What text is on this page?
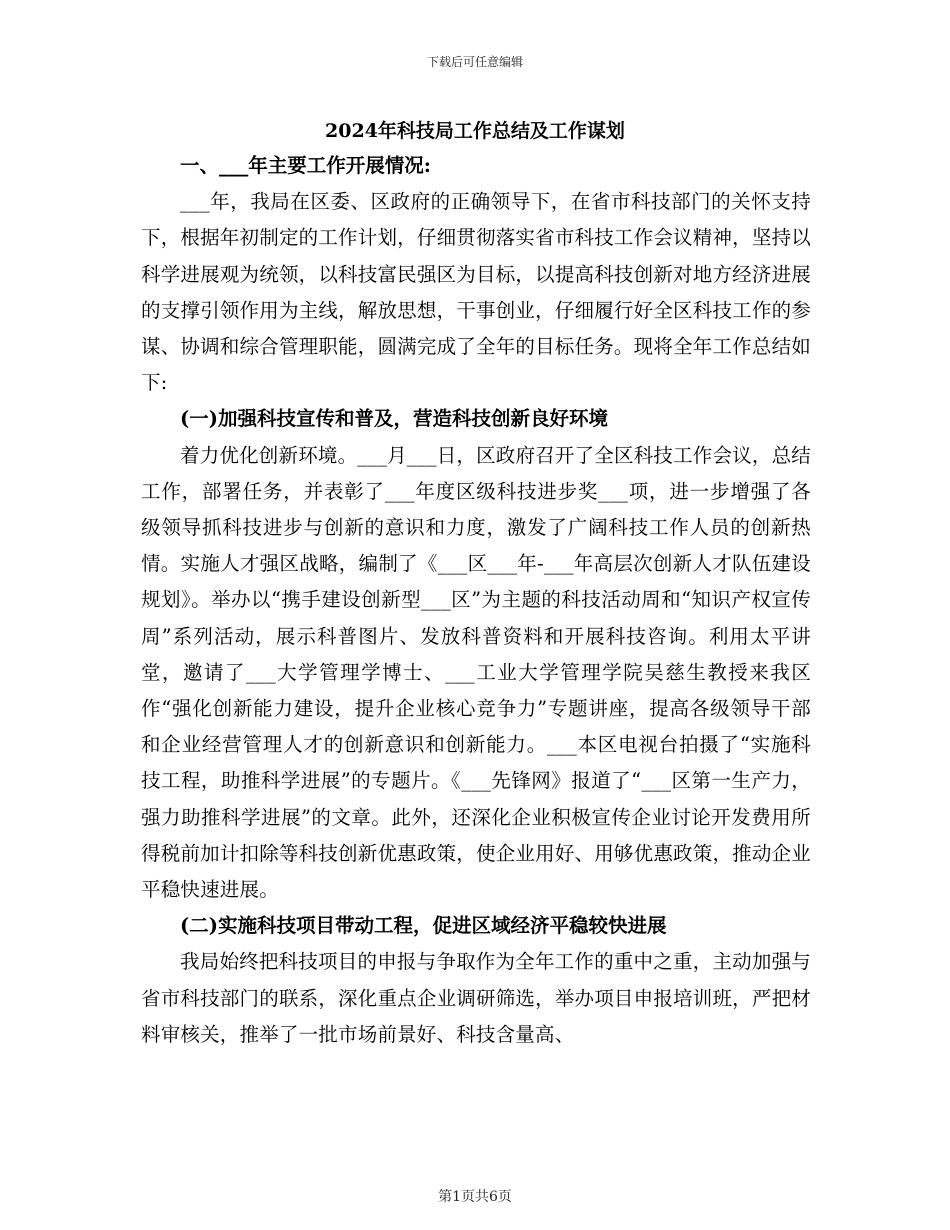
下载后可任意编辑
2024年科技局工作总结及工作谋划

一、___年主要工作开展情况:

___年，我局在区委、区政府的正确领导下，在省市科技部门的关怀支持下，根据年初制定的工作计划，仔细贯彻落实省市科技工作会议精神，坚持以科学进展观为统领，以科技富民强区为目标，以提高科技创新对地方经济进展的支撑引领作用为主线，解放思想，干事创业，仔细履行好全区科技工作的参谋、协调和综合管理职能，圆满完成了全年的目标任务。现将全年工作总结如下:

(一)加强科技宣传和普及，营造科技创新良好环境

着力优化创新环境。___月___日，区政府召开了全区科技工作会议，总结工作，部署任务，并表彰了___年度区级科技进步奖___项，进一步增强了各级领导抓科技进步与创新的意识和力度，激发了广阔科技工作人员的创新热情。实施人才强区战略，编制了《___区___年-___年高层次创新人才队伍建设规划》。举办以“携手建设创新型___区”为主题的科技活动周和“知识产权宣传周”系列活动，展示科普图片、发放科普资料和开展科技咨询。利用太平讲堂，邀请了___大学管理学博士、___工业大学管理学院吴慈生教授来我区作“强化创新能力建设，提升企业核心竞争力”专题讲座，提高各级领导干部和企业经营管理人才的创新意识和创新能力。___本区电视台拍摄了“实施科技工程，助推科学进展”的专题片。《___先锋网》报道了“___区第一生产力，强力助推科学进展”的文章。此外，还深化企业积极宣传企业讨论开发费用所得税前加计扣除等科技创新优惠政策，使企业用好、用够优惠政策，推动企业平稳快速进展。

(二)实施科技项目带动工程，促进区域经济平稳较快进展

我局始终把科技项目的申报与争取作为全年工作的重中之重，主动加强与省市科技部门的联系，深化重点企业调研筛选，举办项目申报培训班，严把材料审核关，推举了一批市场前景好、科技含量高、

第1页共6页
